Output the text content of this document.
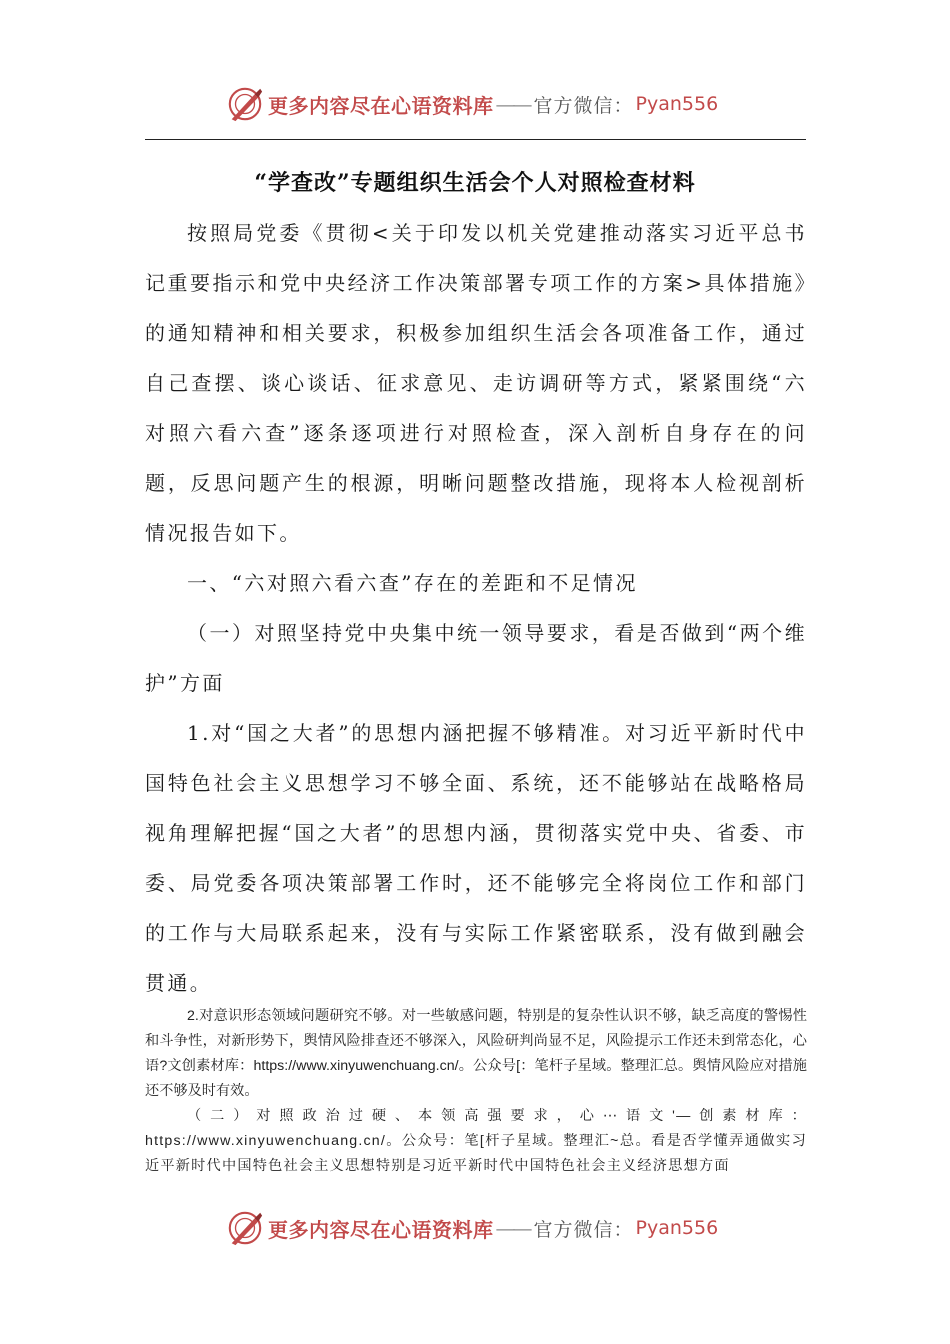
更多内容尽在心语资料库 —— 官方微信： Pyan556
“学查改”专题组织生活会个人对照检查材料

按照局党委《贯彻<关于印发以机关党建推动落实习近平总书记重要指示和党中央经济工作决策部署专项工作的方案>具体措施》的通知精神和相关要求，积极参加组织生活会各项准备工作，通过自己查摆、谈心谈话、征求意见、走访调研等方式，紧紧围绕“六对照六看六查”逐条逐项进行对照检查，深入剖析自身存在的问题，反思问题产生的根源，明晰问题整改措施，现将本人检视剖析情况报告如下。

一、“六对照六看六查”存在的差距和不足情况

（一）对照坚持党中央集中统一领导要求，看是否做到“两个维护”方面

1.对“国之大者”的思想内涵把握不够精准。对习近平新时代中国特色社会主义思想学习不够全面、系统，还不能够站在战略格局视角理解把握“国之大者”的思想内涵，贯彻落实党中央、省委、市委、局党委各项决策部署工作时，还不能够完全将岗位工作和部门的工作与大局联系起来，没有与实际工作紧密联系，没有做到融会贯通。

2.对意识形态领域问题研究不够。对一些敏感问题，特别是的复杂性认识不够，缺乏高度的警惕性和斗争性，对新形势下，舆情风险排查还不够深入，风险研判尚显不足，风险提示工作还未到常态化，心语?文创素材库：https://www.xinyuwenchuang.cn/。公众号[：笔杆子星域。整理汇总。舆情风险应对措施还不够及时有效。

（二）对照政治过硬、本领高强要求，心⋯语文'—创素材库：https://www.xinyuwenchuang.cn/。公众号：笔[杆子星域。整理汇~总。看是否学懂弄通做实习近平新时代中国特色社会主义思想特别是习近平新时代中国特色社会主义经济思想方面

更多内容尽在心语资料库 —— 官方微信： Pyan556
